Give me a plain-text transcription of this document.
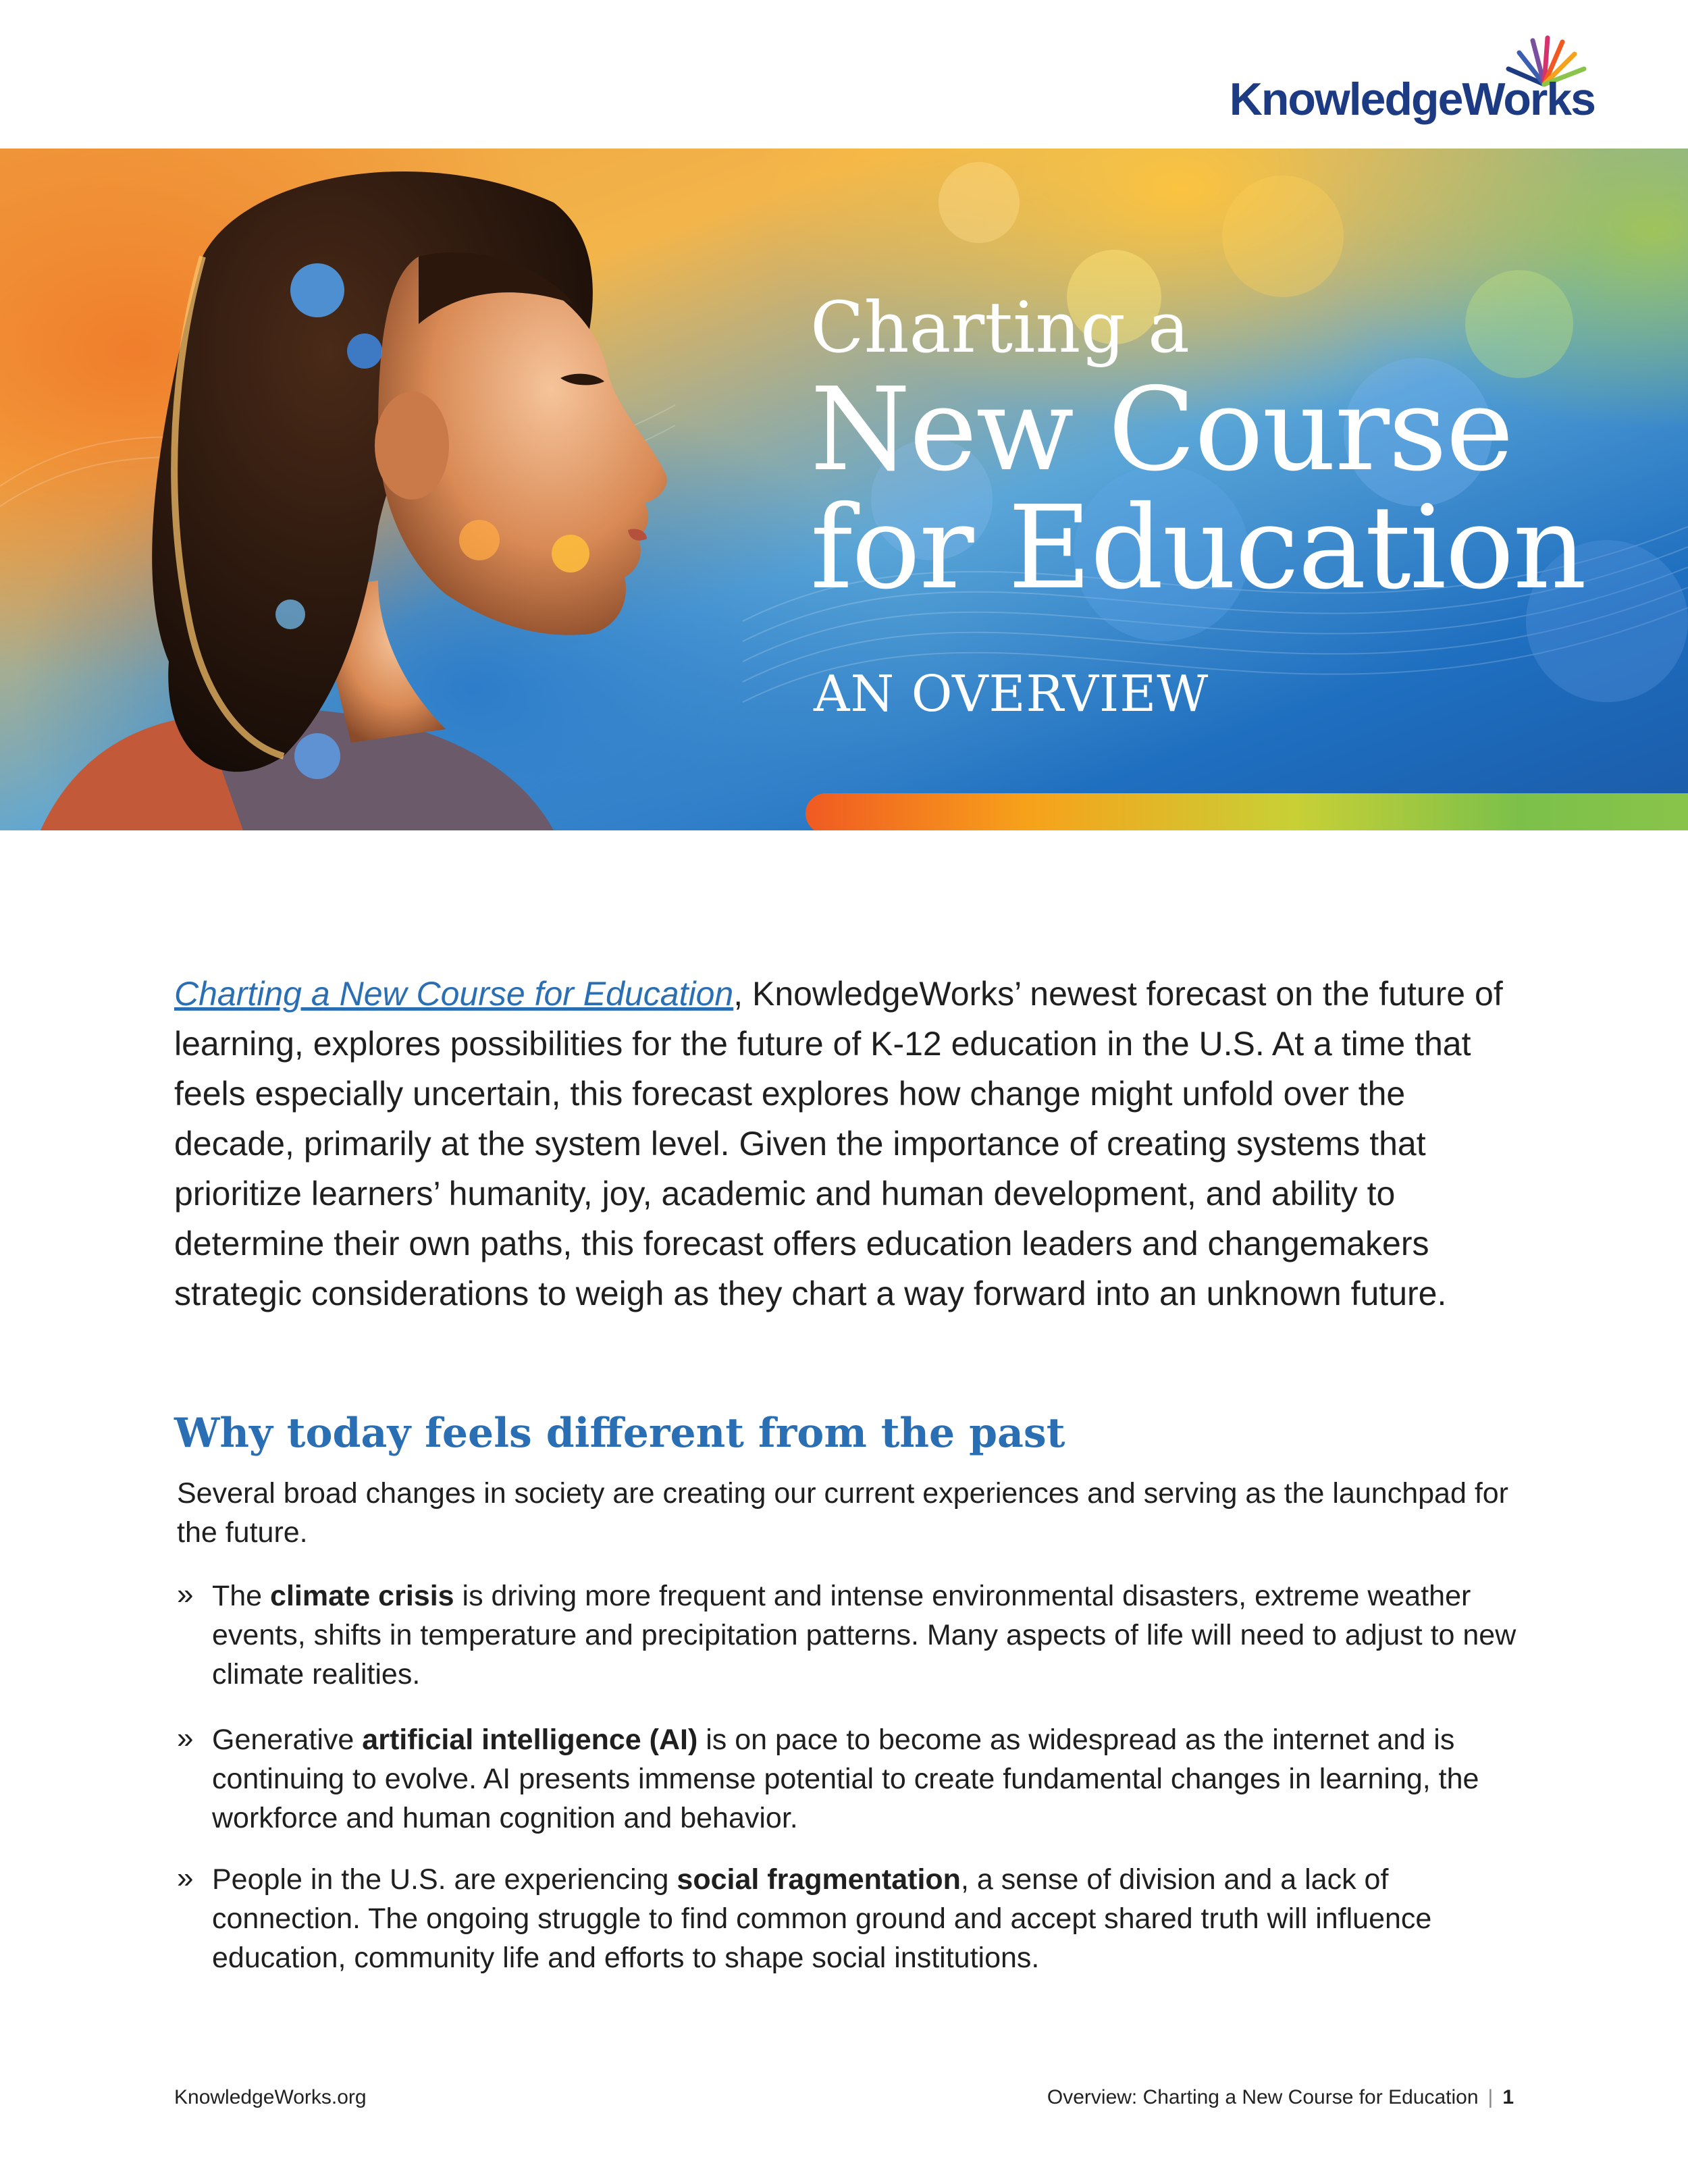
KnowledgeWorks
Charting a
New Course
for Education
AN OVERVIEW
Charting a New Course for Education, KnowledgeWorks’ newest forecast on the future of learning, explores possibilities for the future of K-12 education in the U.S. At a time that feels especially uncertain, this forecast explores how change might unfold over the decade, primarily at the system level. Given the importance of creating systems that prioritize learners’ humanity, joy, academic and human development, and ability to determine their own paths, this forecast offers education leaders and changemakers strategic considerations to weigh as they chart a way forward into an unknown future.
Why today feels different from the past
Several broad changes in society are creating our current experiences and serving as the launchpad for the future.
» The climate crisis is driving more frequent and intense environmental disasters, extreme weather events, shifts in temperature and precipitation patterns. Many aspects of life will need to adjust to new climate realities.
» Generative artificial intelligence (AI) is on pace to become as widespread as the internet and is continuing to evolve. AI presents immense potential to create fundamental changes in learning, the workforce and human cognition and behavior.
» People in the U.S. are experiencing social fragmentation, a sense of division and a lack of connection. The ongoing struggle to find common ground and accept shared truth will influence education, community life and efforts to shape social institutions.
KnowledgeWorks.org	Overview: Charting a New Course for Education | 1
